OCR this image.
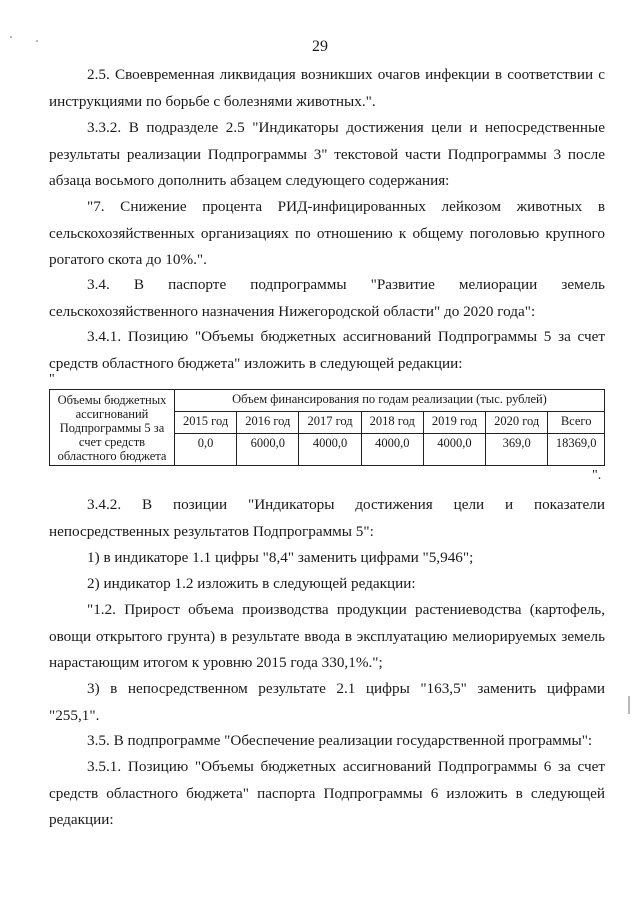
29

2.5. Своевременная ликвидация возникших очагов инфекции в соответствии с инструкциями по борьбе с болезнями животных.".

3.3.2. В подразделе 2.5 "Индикаторы достижения цели и непосредственные результаты реализации Подпрограммы 3" текстовой части Подпрограммы 3 после абзаца восьмого дополнить абзацем следующего содержания:

"7. Снижение процента РИД-инфицированных лейкозом животных в сельскохозяйственных организациях по отношению к общему поголовью крупного рогатого скота до 10%.".

3.4. В паспорте подпрограммы "Развитие мелиорации земель сельскохозяйственного назначения Нижегородской области" до 2020 года":

3.4.1. Позицию "Объемы бюджетных ассигнований Подпрограммы 5 за счет средств областного бюджета" изложить в следующей редакции:

"
Объемы бюджетных ассигнований Подпрограммы 5 за счет средств областного бюджета	Объем финансирования по годам реализации (тыс. рублей)						
	2015 год	2016 год	2017 год	2018 год	2019 год	2020 год	Всего
	0,0	6000,0	4000,0	4000,0	4000,0	369,0	18369,0
".

3.4.2. В позиции "Индикаторы достижения цели и показатели непосредственных результатов Подпрограммы 5":

1) в индикаторе 1.1 цифры "8,4" заменить цифрами "5,946";

2) индикатор 1.2 изложить в следующей редакции:

"1.2. Прирост объема производства продукции растениеводства (картофель, овощи открытого грунта) в результате ввода в эксплуатацию мелиорируемых земель нарастающим итогом к уровню 2015 года 330,1%.";

3) в непосредственном результате 2.1 цифры "163,5" заменить цифрами "255,1".

3.5. В подпрограмме "Обеспечение реализации государственной программы":

3.5.1. Позицию "Объемы бюджетных ассигнований Подпрограммы 6 за счет средств областного бюджета" паспорта Подпрограммы 6 изложить в следующей редакции:
